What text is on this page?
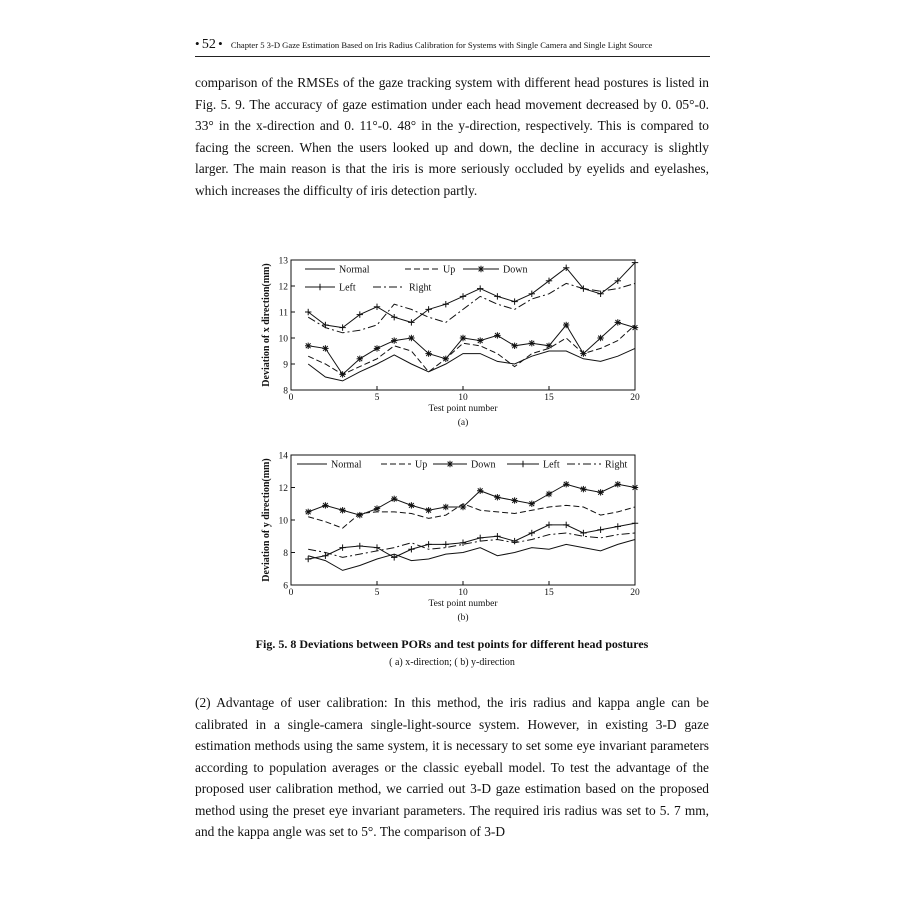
• 52 • Chapter 5 3-D Gaze Estimation Based on Iris Radius Calibration for Systems with Single Camera and Single Light Source

comparison of the RMSEs of the gaze tracking system with different head postures is listed in Fig. 5. 9. The accuracy of gaze estimation under each head movement decreased by 0. 05°-0. 33° in the x-direction and 0. 11°-0. 48° in the y-direction, respectively. This is compared to facing the screen. When the users looked up and down, the decline in accuracy is slightly larger. The main reason is that the iris is more seriously occluded by eyelids and eyelashes, which increases the difficulty of iris detection partly.

8
9
10
11
12
13
0	5	10	15	20
Test point number
(a)
Deviation of x direction(mm)	Normal	Up	Down
Left	Right
6
8
10
12
14
0	5	10	15	20
Test point number
(b)
Deviation of y direction(mm)	Normal	Up	Down	Left	Right

Fig. 5. 8 Deviations between PORs and test points for different head postures

( a) x-direction; ( b) y-direction

(2) Advantage of user calibration: In this method, the iris radius and kappa angle can be calibrated in a single-camera single-light-source system. However, in existing 3-D gaze estimation methods using the same system, it is necessary to set some eye invariant parameters according to population averages or the classic eyeball model. To test the advantage of the proposed user calibration method, we carried out 3-D gaze estimation based on the proposed method using the preset eye invariant parameters. The required iris radius was set to 5. 7 mm, and the kappa angle was set to 5°. The comparison of 3-D
